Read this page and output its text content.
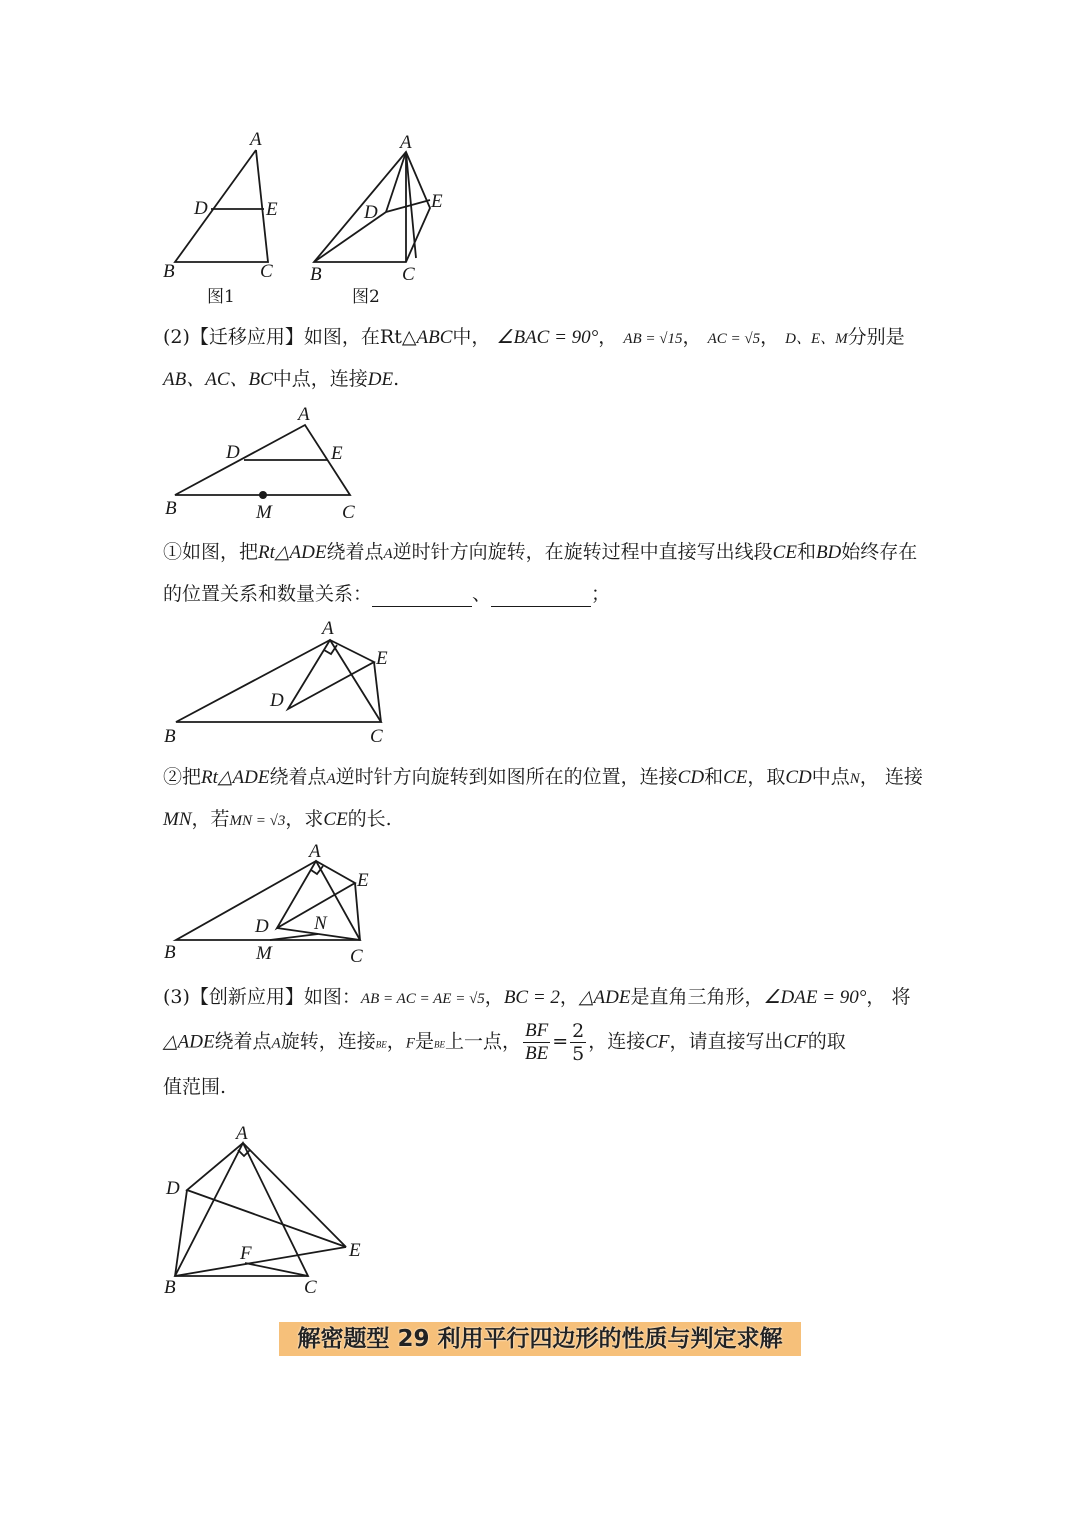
A
D	E
B	C
图1
A
D
E
B	C
图2
A
D	E
B	M	C
A
E
D
B	C
A
E
D N
B	M	C
A
D
E
F
B	C
(2)【迁移应用】如图，在Rt△ABC中， ∠BAC = 90°， AB = √15， AC = √5， D、E、M分别是AB、AC、BC中点，连接DE.
①如图，把Rt△ADE绕着点A逆时针方向旋转，在旋转过程中直接写出线段CE和BD始终存在的位置关系和数量关系：	、	；
②把Rt△ADE绕着点A逆时针方向旋转到如图所在的位置，连接CD和CE，取CD中点N， 连接MN，若MN = √3，求CE的长.
(3)【创新应用】如图：AB = AC = AE = √5，BC = 2，△ADE是直角三角形，∠DAE = 90°， 将△ADE绕着点A旋转，连接BE，F是BE上一点， $\frac{BF}{BE} = \frac{2}{5}$ ，连接CF，请直接写出CF的取
值范围.
解密题型 29 利用平行四边形的性质与判定求解
